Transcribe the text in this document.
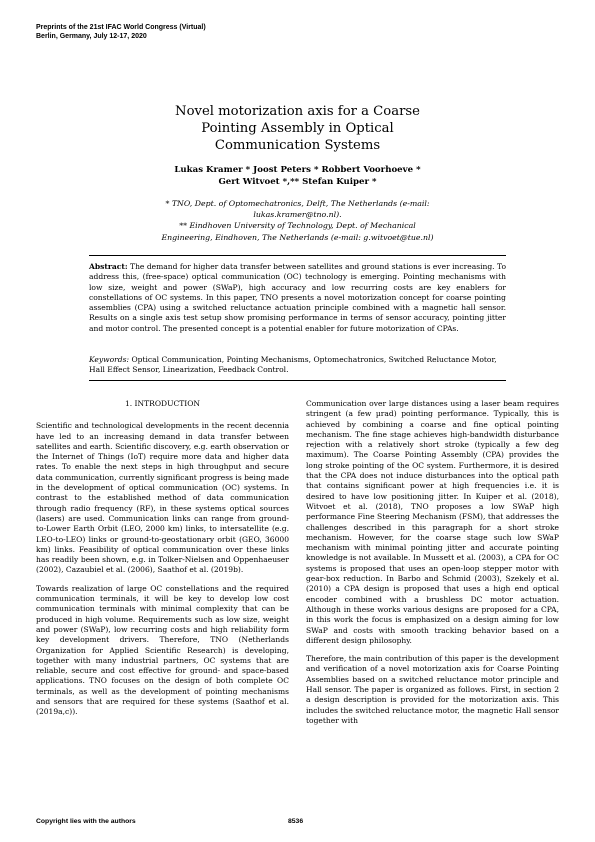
Preprints of the 21st IFAC World Congress (Virtual)
Berlin, Germany, July 12-17, 2020
Novel motorization axis for a Coarse
Pointing Assembly in Optical
Communication Systems
Lukas Kramer * Joost Peters * Robbert Voorhoeve *
Gert Witvoet *,** Stefan Kuiper *
* TNO, Dept. of Optomechatronics, Delft, The Netherlands (e-mail:
lukas.kramer@tno.nl).
** Eindhoven University of Technology, Dept. of Mechanical
Engineering, Eindhoven, The Netherlands (e-mail: g.witvoet@tue.nl)
Abstract: The demand for higher data transfer between satellites and ground stations is ever increasing. To address this, (free-space) optical communication (OC) technology is emerging. Pointing mechanisms with low size, weight and power (SWaP), high accuracy and low recurring costs are key enablers for constellations of OC systems. In this paper, TNO presents a novel motorization concept for coarse pointing assemblies (CPA) using a switched reluctance actuation principle combined with a magnetic hall sensor. Results on a single axis test setup show promising performance in terms of sensor accuracy, pointing jitter and motor control. The presented concept is a potential enabler for future motorization of CPAs.
Keywords: Optical Communication, Pointing Mechanisms, Optomechatronics, Switched Reluctance Motor, Hall Effect Sensor, Linearization, Feedback Control.
1. INTRODUCTION

Scientific and technological developments in the recent decennia have led to an increasing demand in data transfer between satellites and earth. Scientific discovery, e.g. earth observation or the Internet of Things (IoT) require more data and higher data rates. To enable the next steps in high throughput and secure data communication, currently significant progress is being made in the development of optical communication (OC) systems. In contrast to the established method of data communication through radio frequency (RF), in these systems optical sources (lasers) are used. Communication links can range from ground-to-Lower Earth Orbit (LEO, 2000 km) links, to intersatellite (e.g. LEO-to-LEO) links or ground-to-geostationary orbit (GEO, 36000 km) links. Feasibility of optical communication over these links has readily been shown, e.g. in Tolker-Nielsen and Oppenhaeuser (2002), Cazaubiel et al. (2006), Saathof et al. (2019b).

Towards realization of large OC constellations and the required communication terminals, it will be key to develop low cost communication terminals with minimal complexity that can be produced in high volume. Requirements such as low size, weight and power (SWaP), low recurring costs and high reliability form key development drivers. Therefore, TNO (Netherlands Organization for Applied Scientific Research) is developing, together with many industrial partners, OC systems that are reliable, secure and cost effective for ground- and space-based applications. TNO focuses on the design of both complete OC terminals, as well as the development of pointing mechanisms and sensors that are required for these systems (Saathof et al. (2019a,c)).

Communication over large distances using a laser beam requires stringent (a few µrad) pointing performance. Typically, this is achieved by combining a coarse and fine optical pointing mechanism. The fine stage achieves high-bandwidth disturbance rejection with a relatively short stroke (typically a few deg maximum). The Coarse Pointing Assembly (CPA) provides the long stroke pointing of the OC system. Furthermore, it is desired that the CPA does not induce disturbances into the optical path that contains significant power at high frequencies i.e. it is desired to have low positioning jitter. In Kuiper et al. (2018), Witvoet et al. (2018), TNO proposes a low SWaP high performance Fine Steering Mechanism (FSM), that addresses the challenges described in this paragraph for a short stroke mechanism. However, for the coarse stage such low SWaP mechanism with minimal pointing jitter and accurate pointing knowledge is not available. In Mussett et al. (2003), a CPA for OC systems is proposed that uses an open-loop stepper motor with gear-box reduction. In Barbo and Schmid (2003), Szekely et al. (2010) a CPA design is proposed that uses a high end optical encoder combined with a brushless DC motor actuation. Although in these works various designs are proposed for a CPA, in this work the focus is emphasized on a design aiming for low SWaP and costs with smooth tracking behavior based on a different design philosophy.

Therefore, the main contribution of this paper is the development and verification of a novel motorization axis for Coarse Pointing Assemblies based on a switched reluctance motor principle and Hall sensor. The paper is organized as follows. First, in section 2 a design description is provided for the motorization axis. This includes the switched reluctance motor, the magnetic Hall sensor together with

Copyright lies with the authors	8536
